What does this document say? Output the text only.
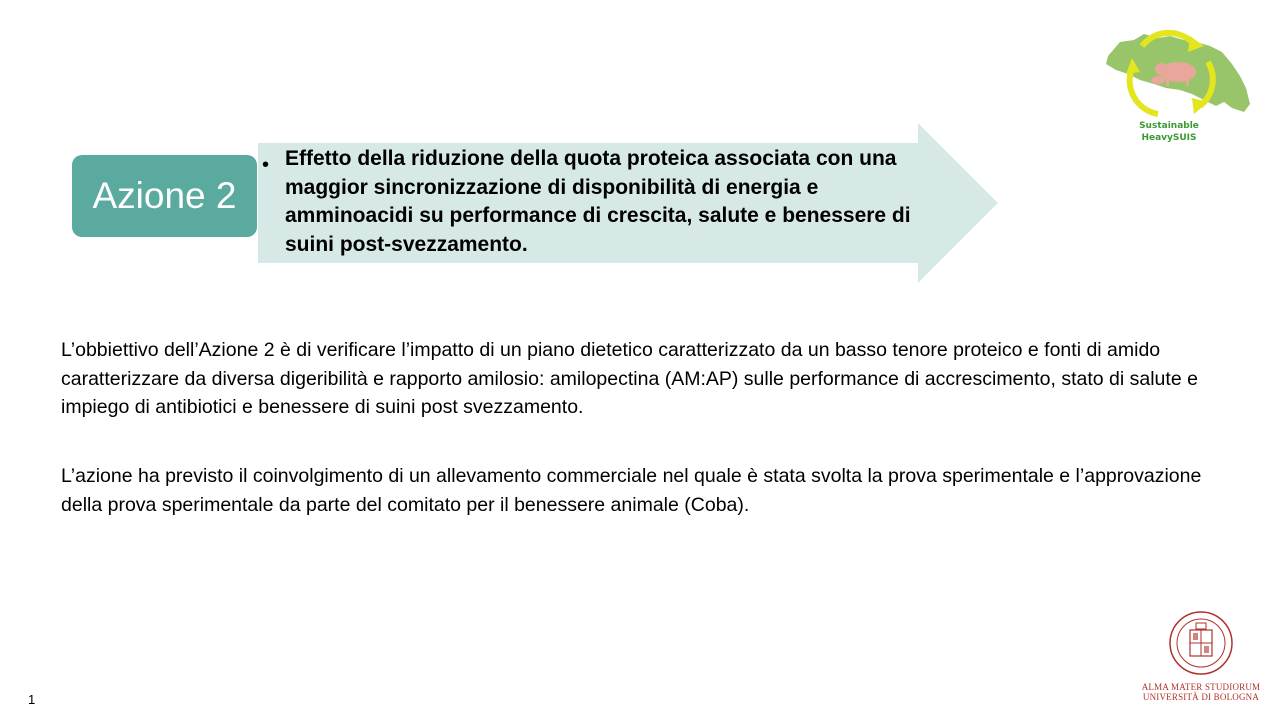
Sustainable
HeavySUIS
Azione 2
• Effetto della riduzione della quota proteica associata con una maggior sincronizzazione di disponibilità di energia e amminoacidi su performance di crescita, salute e benessere di suini post-svezzamento.
L’obbiettivo dell’Azione 2 è di verificare l’impatto di un piano dietetico caratterizzato da un basso tenore proteico e fonti di amido caratterizzare da diversa digeribilità e rapporto amilosio: amilopectina (AM:AP) sulle performance di accrescimento, stato di salute e impiego di antibiotici e benessere di suini post svezzamento.
L’azione ha previsto il coinvolgimento di un allevamento commerciale nel quale è stata svolta la prova sperimentale e l’approvazione della prova sperimentale da parte del comitato per il benessere animale (Coba).
1
ALMA MATER STUDIORUM
UNIVERSITÀ DI BOLOGNA
